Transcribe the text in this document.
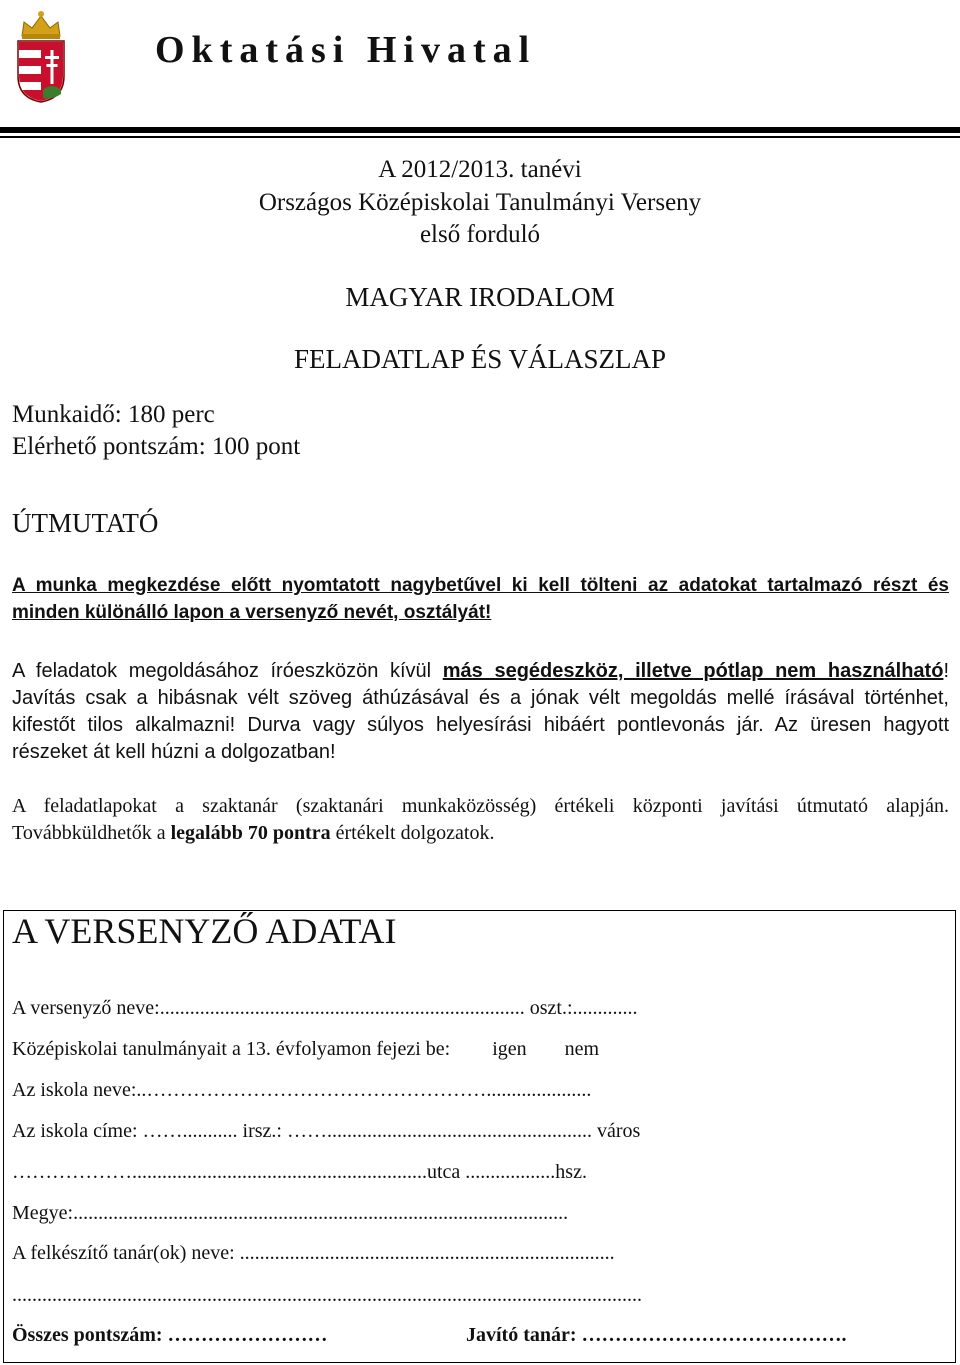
Oktatási Hivatal
A 2012/2013. tanévi
Országos Középiskolai Tanulmányi Verseny
első forduló
MAGYAR IRODALOM
FELADATLAP ÉS VÁLASZLAP
Munkaidő: 180 perc
Elérhető pontszám: 100 pont
ÚTMUTATÓ

A munka megkezdése előtt nyomtatott nagybetűvel ki kell tölteni az adatokat tartalmazó részt és minden különálló lapon a versenyző nevét, osztályát!

A feladatok megoldásához íróeszközön kívül más segédeszköz, illetve pótlap nem használható! Javítás csak a hibásnak vélt szöveg áthúzásával és a jónak vélt megoldás mellé írásával történhet, kifestőt tilos alkalmazni! Durva vagy súlyos helyesírási hibáért pontlevonás jár. Az üresen hagyott részeket át kell húzni a dolgozatban!

A feladatlapokat a szaktanár (szaktanári munkaközösség) értékeli központi javítási útmutató alapján. Továbbküldhetők a legalább 70 pontra értékelt dolgozatok.

A VERSENYZŐ ADATAI
A versenyző neve:......................................................................... oszt.:.............
Középiskolai tanulmányait a 13. évfolyamon fejezi be: igen nem
Az iskola neve:..…………………………………………….....................
Az iskola címe: ……........... irsz.: ……..................................................... város
………………...........................................................utca ..................hsz.
Megye:...................................................................................................
A felkészítő tanár(ok) neve: ...........................................................................
..............................................................................................................................
Összes pontszám: ……………………	Javító tanár: ………………………………….
